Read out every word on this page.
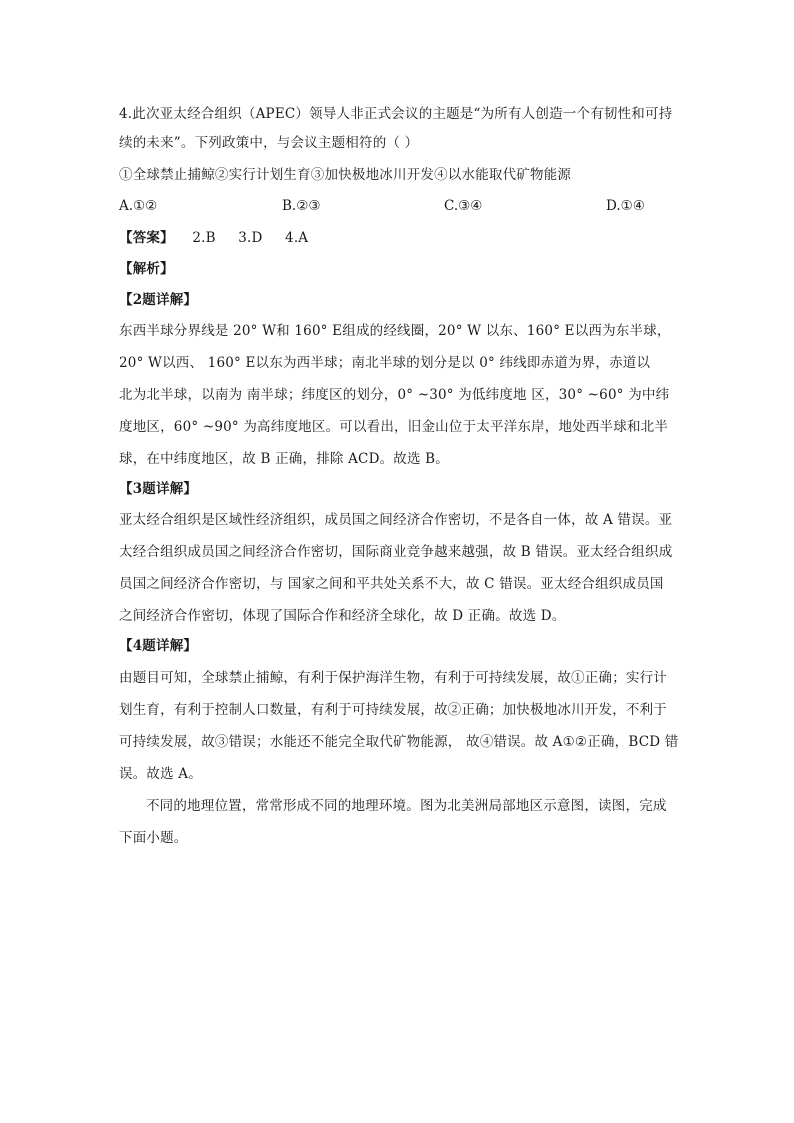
4.此次亚太经合组织（APEC）领导人非正式会议的主题是“为所有人创造一个有韧性和可持
续的未来”。下列政策中，与会议主题相符的（ ）
①全球禁止捕鲸②实行计划生育③加快极地冰川开发④以水能取代矿物能源
A.①②	B.②③	C.③④	D.①④
【答案】 2.B 3.D 4.A
【解析】
【2题详解】
东西半球分界线是 20° W和 160° E组成的经线圈，20° W 以东、160° E以西为东半球，
20° W以西、 160° E以东为西半球；南北半球的划分是以 0° 纬线即赤道为界，赤道以
北为北半球，以南为 南半球；纬度区的划分，0° ~30° 为低纬度地 区，30° ~60° 为中纬
度地区，60° ~90° 为高纬度地区。可以看出，旧金山位于太平洋东岸，地处西半球和北半
球，在中纬度地区，故 B 正确，排除 ACD。故选 B。
【3题详解】
亚太经合组织是区域性经济组织，成员国之间经济合作密切，不是各自一体，故 A 错误。亚
太经合组织成员国之间经济合作密切，国际商业竞争越来越强，故 B 错误。亚太经合组织成
员国之间经济合作密切，与 国家之间和平共处关系不大，故 C 错误。亚太经合组织成员国
之间经济合作密切，体现了国际合作和经济全球化，故 D 正确。故选 D。
【4题详解】
由题目可知，全球禁止捕鲸，有利于保护海洋生物，有利于可持续发展，故①正确；实行计
划生育，有利于控制人口数量，有利于可持续发展，故②正确；加快极地冰川开发，不利于
可持续发展，故③错误；水能还不能完全取代矿物能源， 故④错误。故 A①②正确，BCD 错
误。故选 A。
不同的地理位置，常常形成不同的地理环境。图为北美洲局部地区示意图，读图，完成
下面小题。
